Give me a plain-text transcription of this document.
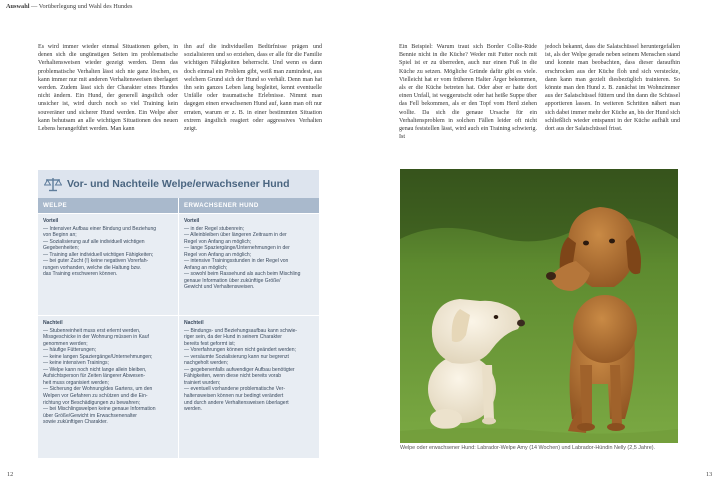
Auswahl — Vorüberlegung und Wahl des Hundes
Es wird immer wieder einmal Situationen geben, in denen sich die ungünstigen Seiten im problematische Verhaltensweisen wieder gezeigt werden. Denn das problematische Verhalten lässt sich nie ganz löschen, es kann immer nur mit anderen Verhaltensweisen überlagert werden. Zudem lässt sich der Charakter eines Hundes nicht ändern. Ein Hund, der generell ängstlich oder unsicher ist, wird durch noch so viel Training kein souveräner und sicherer Hund werden. Ein Welpe aber kann behutsam an alle wichtigen Situationen des neuen Lebens herangeführt werden. Man kann
ihn auf die individuellen Bedürfnisse prägen und sozialisieren und so erziehen, dass er alle für die Familie wichtigen Fähigkeiten beherrscht. Und wenn es dann doch einmal ein Problem gibt, weiß man zumindest, aus welchem Grund sich der Hund so verhält. Denn man hat ihn sein ganzes Leben lang begleitet, kennt eventuelle Unfälle oder traumatische Erlebnisse. Nimmt man dagegen einen erwachsenen Hund auf, kann man oft nur erraten, warum er z. B. in einer bestimmten Situation extrem ängstlich reagiert oder aggressives Verhalten zeigt.
Ein Beispiel: Warum traut sich Border Collie-Rüde Bennie nicht in die Küche? Weder mit Futter noch mit Spiel ist er zu überreden, auch nur einen Fuß in die Küche zu setzen. Mögliche Gründe dafür gibt es viele. Vielleicht hat er vom früheren Halter Ärger bekommen, als er die Küche betreten hat. Oder aber er hatte dort einen Unfall, ist weggerutscht oder hat heiße Suppe über das Fell bekommen, als er den Topf vom Herd ziehen wollte. Da sich die genaue Ursache für ein Verhaltensproblem in solchen Fällen leider oft nicht genau feststellen lässt, wird auch ein Training schwierig. Ist
jedoch bekannt, dass die Salatschüssel heruntergefallen ist, als der Welpe gerade neben seinem Menschen stand und konnte man beobachten, dass dieser daraufhin erschrocken aus der Küche floh und sich versteckte, dann kann man gezielt diesbezüglich trainieren. So könnte man den Hund z. B. zunächst im Wohnzimmer aus der Salatschüssel füttern und ihn dann die Schüssel apportieren lassen. In weiteren Schritten nähert man sich dabei immer mehr der Küche an, bis der Hund sich schließlich wieder entspannt in der Küche aufhält und dort aus der Salatschüssel frisst.
Vor- und Nachteile Welpe/erwachsener Hund
WELPE	ERWACHSENER HUND
Vorteil
— Intensiver Aufbau einer Bindung und Beziehung
von Beginn an;
— Sozialisierung auf alle individuell wichtigen
Gegebenheiten;
— Training aller individuell wichtigen Fähigkeiten;
— bei guter Zucht (!) keine negativen Vorerfah-
rungen vorhanden, welche die Haltung bzw.
das Training erschweren können.
Vorteil
— in der Regel stubenrein;
— Alleinbleiben über längeren Zeitraum in der
Regel von Anfang an möglich;
— lange Spaziergänge/Unternehmungen in der
Regel von Anfang an möglich;
— intensive Trainingsstunden in der Regel von
Anfang an möglich;
— sowohl beim Rassehund als auch beim Mischling
genaue Information über zukünftige Größe/
Gewicht und Verhaltensweisen.
Nachteil
— Stubenreinheit muss erst erlernt werden,
Missgeschicke in der Wohnung müssen in Kauf
genommen werden;
— häufige Fütterungen;
— keine langen Spaziergänge/Unternehmungen;
— keine intensiven Trainings;
— Welpe kann noch nicht lange allein bleiben,
Aufsichtsperson für Zeiten längerer Abwesen-
heit muss organisiert werden;
— Sicherung der Wohnung/des Gartens, um den
Welpen vor Gefahren zu schützen und die Ein-
richtung vor Beschädigungen zu bewahren;
— bei Mischlingswelpen keine genaue Information
über Größe/Gewicht im Erwachsenenalter
sowie zukünftigen Charakter.
Nachteil
— Bindungs- und Beziehungsaufbau kann schwie-
riger sein, da der Hund in seinem Charakter
bereits fest geformt ist;
— Vorerfahrungen können nicht geändert werden;
— versäumte Sozialisierung kann nur begrenzt
nachgeholt werden;
— gegebenenfalls aufwendiger Aufbau benötigter
Fähigkeiten, wenn diese nicht bereits vorab
trainiert wurden;
— eventuell vorhandene problematische Ver-
haltensweisen können nur bedingt verändert
und durch andere Verhaltensweisen überlagert
werden.
Welpe oder erwachsener Hund: Labrador-Welpe Amy (14 Wochen) und Labrador-Hündin Nelly (2,5 Jahre).
12	13
